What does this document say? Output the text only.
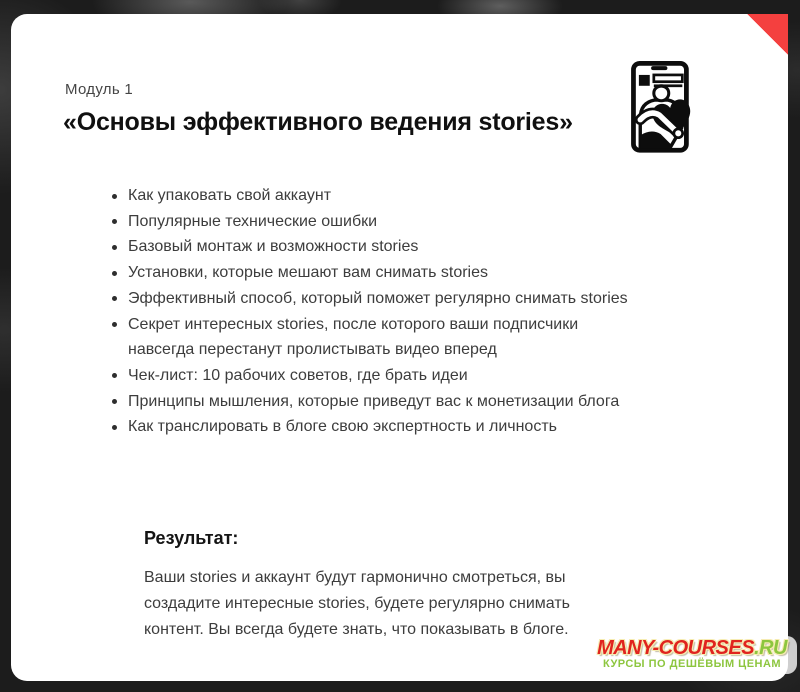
Модуль 1
«Основы эффективного ведения stories»
Как упаковать свой аккаунт
Популярные технические ошибки
Базовый монтаж и возможности stories
Установки, которые мешают вам снимать stories
Эффективный способ, который поможет регулярно снимать stories
Секрет интересных stories, после которого ваши подписчики навсегда перестанут пролистывать видео вперед
Чек-лист: 10 рабочих советов, где брать идеи
Принципы мышления, которые приведут вас к монетизации блога
Как транслировать в блоге свою экспертность и личность
Результат:
Ваши stories и аккаунт будут гармонично смотреться, вы создадите интересные stories, будете регулярно снимать контент. Вы всегда будете знать, что показывать в блоге.
MANY-COURSES.RU
КУРСЫ ПО ДЕШЁВЫМ ЦЕНАМ
